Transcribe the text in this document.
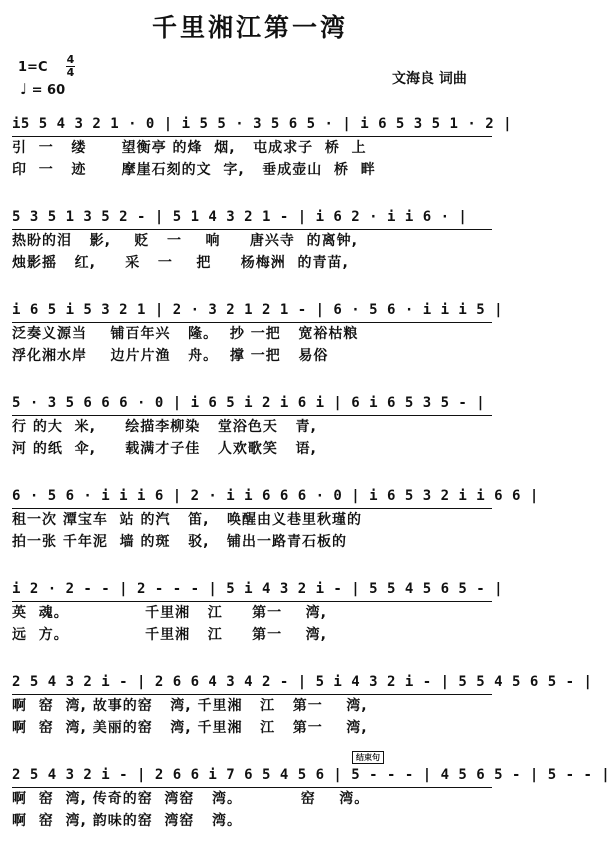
千里湘江第一湾
1=C
4
4
♩ = 60
文海良 词曲
i5 5 4 3 2 1 · 0 | i 5 5 · 3 5 6 5 · | i 6 5 3 5 1 · 2 |
引  一   缕      望衡亭 的烽  烟,   屯成求子  桥  上
印  一   迹      摩崖石刻的文  字,   垂成壶山  桥  畔
5 3 5 1 3 5 2 - | 5 1 4 3 2 1 - | i 6 2 · i i 6 · |
热盼的泪   影,    贬   一    响     唐兴寺  的离钟,
烛影摇   红,     采   一    把     杨梅洲  的青苗,
i 6 5 i 5 3 2 1 | 2 · 3 2 1 2 1 - | 6 · 5 6 · i i i 5 |
泛奏义源当    铺百年兴   隆。  抄 一把   宽裕枯粮
浮化湘水岸    边片片渔   舟。  撑 一把   易俗
5 · 3 5 6 6 6 · 0 | i 6 5 i 2 i 6 i | 6 i 6 5 3 5 - |
行 的大  米,     绘描李柳染   堂浴色天   青,
河 的纸  伞,     载满才子佳   人欢歌笑   语,
6 · 5 6 · i i i 6 | 2 · i i 6 6 6 · 0 | i 6 5 3 2 i i 6 6 |
租一次 潭宝车  站 的汽   笛,   唤醒由义巷里秋瑾的
拍一张 千年泥  墙 的斑   驳,   铺出一路青石板的
i 2 · 2 - - | 2 - - - | 5 i 4 3 2 i - | 5 5 4 5 6 5 - |
英  魂。             千里湘   江     第一    湾,
远  方。             千里湘   江     第一    湾,
2 5 4 3 2 i - | 2 6 6 4 3 4 2 - | 5 i 4 3 2 i - | 5 5 4 5 6 5 - |
啊  窑  湾, 故事的窑   湾, 千里湘   江   第一    湾,
啊  窑  湾, 美丽的窑   湾, 千里湘   江   第一    湾,
结束句
2 5 4 3 2 i - | 2 6 6 i 7 6 5 4 5 6 | 5 - - - | 4 5 6 5 - | 5 - - |
啊  窑  湾, 传奇的窑  湾窑   湾。          窑    湾。
啊  窑  湾, 韵味的窑  湾窑   湾。
